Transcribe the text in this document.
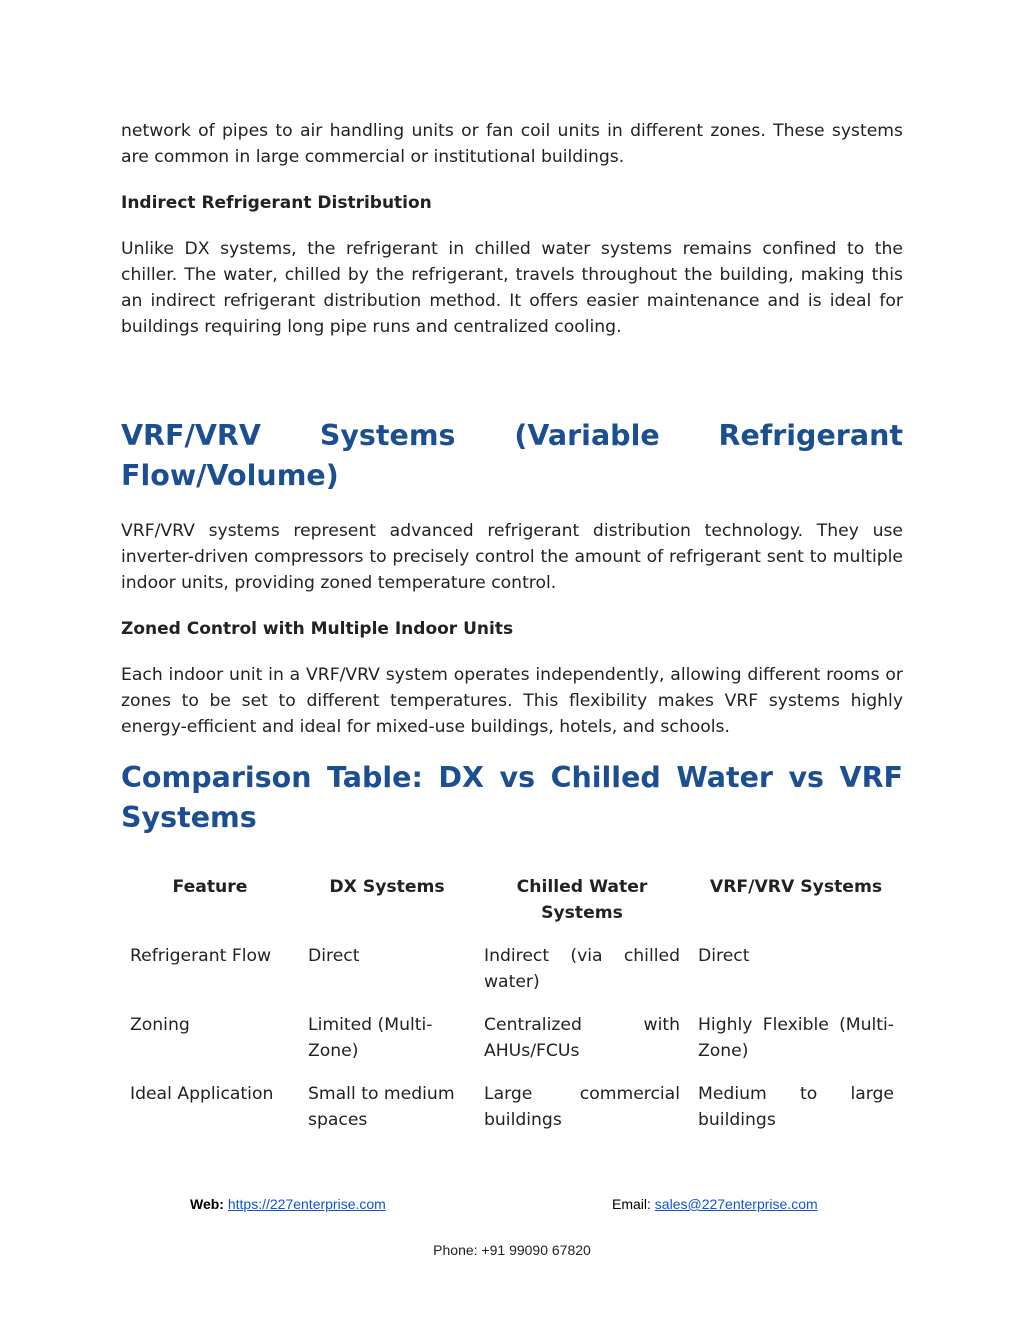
network of pipes to air handling units or fan coil units in different zones. These systems are common in large commercial or institutional buildings.

Indirect Refrigerant Distribution

Unlike DX systems, the refrigerant in chilled water systems remains confined to the chiller. The water, chilled by the refrigerant, travels throughout the building, making this an indirect refrigerant distribution method. It offers easier maintenance and is ideal for buildings requiring long pipe runs and centralized cooling.

VRF/VRV Systems (Variable Refrigerant
Flow/Volume)

VRF/VRV systems represent advanced refrigerant distribution technology. They use inverter-driven compressors to precisely control the amount of refrigerant sent to multiple indoor units, providing zoned temperature control.

Zoned Control with Multiple Indoor Units

Each indoor unit in a VRF/VRV system operates independently, allowing different rooms or zones to be set to different temperatures. This flexibility makes VRF systems highly energy-efficient and ideal for mixed-use buildings, hotels, and schools.

Comparison Table: DX vs Chilled Water vs VRF
Systems
Feature	DX Systems	Chilled Water Systems	VRF/VRV Systems
Refrigerant Flow	Direct	Indirect (via chilled water)	Direct
Zoning	Limited (Multi-Zone)	Centralized with AHUs/FCUs	Highly Flexible (Multi-Zone)
Ideal Application	Small to medium spaces	Large commercial buildings	Medium to large buildings
Web: https://227enterprise.com	Email: sales@227enterprise.com
Phone: +91 99090 67820
